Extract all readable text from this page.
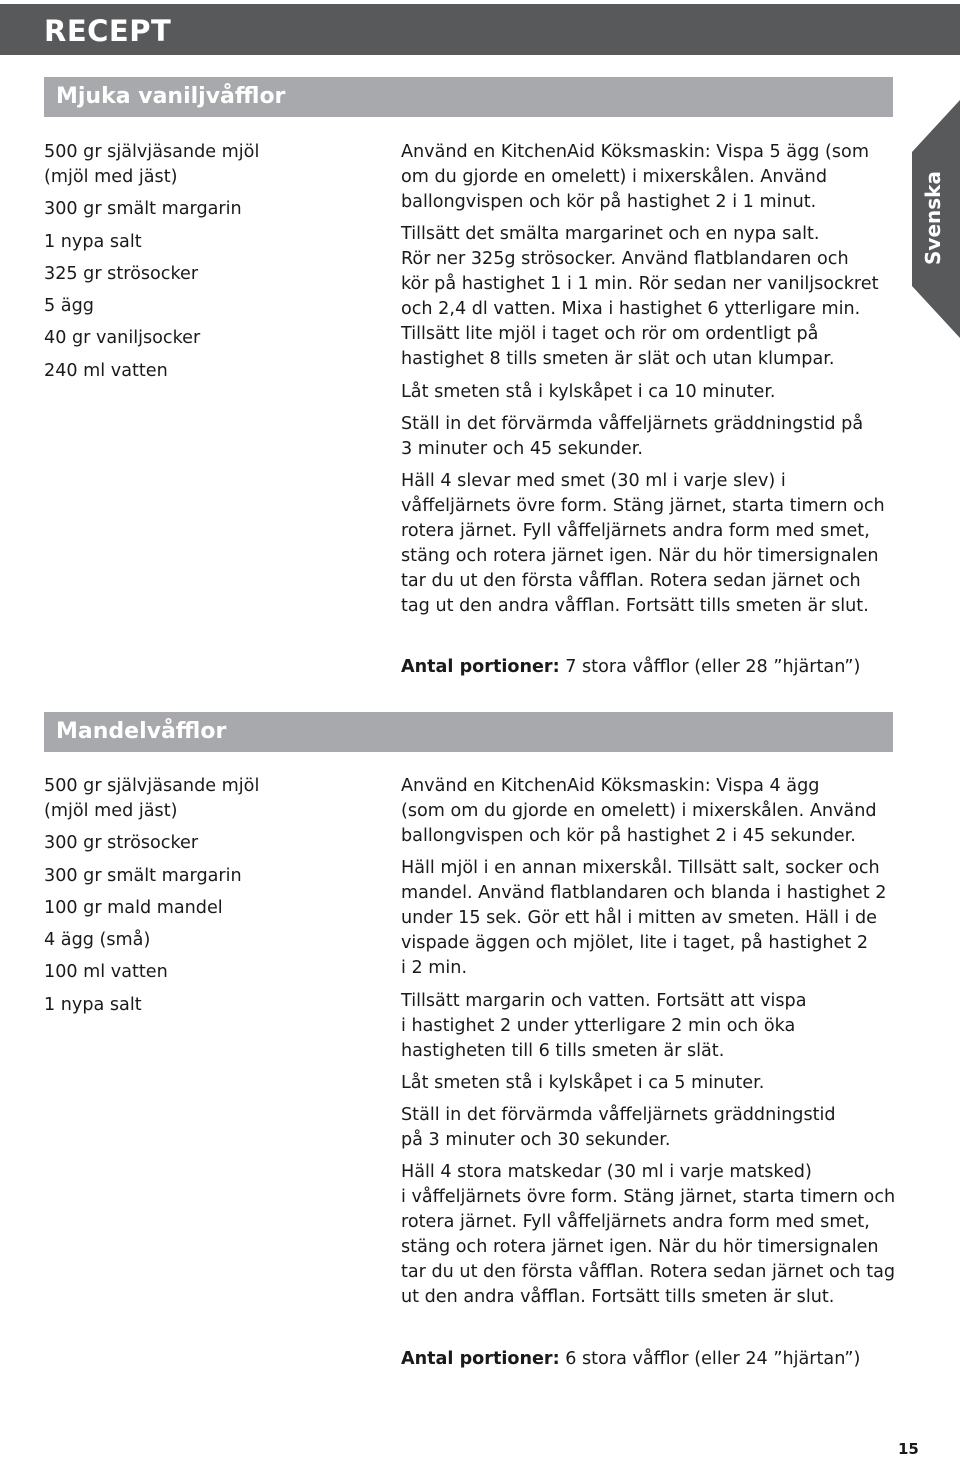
RECEPT
Svenska
Mjuka vaniljvåfflor
500 gr självjäsande mjöl
(mjöl med jäst)
300 gr smält margarin
1 nypa salt
325 gr strösocker
5 ägg
40 gr vaniljsocker
240 ml vatten

Använd en KitchenAid Köksmaskin: Vispa 5 ägg (som
om du gjorde en omelett) i mixerskålen. Använd
ballongvispen och kör på hastighet 2 i 1 minut.

Tillsätt det smälta margarinet och en nypa salt.
Rör ner 325g strösocker. Använd flatblandaren och
kör på hastighet 1 i 1 min. Rör sedan ner vaniljsockret
och 2,4 dl vatten. Mixa i hastighet 6 ytterligare min.
Tillsätt lite mjöl i taget och rör om ordentligt på
hastighet 8 tills smeten är slät och utan klumpar.

Låt smeten stå i kylskåpet i ca 10 minuter.

Ställ in det förvärmda våffeljärnets gräddningstid på
3 minuter och 45 sekunder.

Häll 4 slevar med smet (30 ml i varje slev) i
våffeljärnets övre form. Stäng järnet, starta timern och
rotera järnet. Fyll våffeljärnets andra form med smet,
stäng och rotera järnet igen. När du hör timersignalen
tar du ut den första våfflan. Rotera sedan järnet och
tag ut den andra våfflan. Fortsätt tills smeten är slut.

Antal portioner: 7 stora våfflor (eller 28 ”hjärtan”)
Mandelvåfflor
500 gr självjäsande mjöl
(mjöl med jäst)
300 gr strösocker
300 gr smält margarin
100 gr mald mandel
4 ägg (små)
100 ml vatten
1 nypa salt

Använd en KitchenAid Köksmaskin: Vispa 4 ägg
(som om du gjorde en omelett) i mixerskålen. Använd
ballongvispen och kör på hastighet 2 i 45 sekunder.

Häll mjöl i en annan mixerskål. Tillsätt salt, socker och
mandel. Använd flatblandaren och blanda i hastighet 2
under 15 sek. Gör ett hål i mitten av smeten. Häll i de
vispade äggen och mjölet, lite i taget, på hastighet 2
i 2 min.

Tillsätt margarin och vatten. Fortsätt att vispa
i hastighet 2 under ytterligare 2 min och öka
hastigheten till 6 tills smeten är slät.

Låt smeten stå i kylskåpet i ca 5 minuter.

Ställ in det förvärmda våffeljärnets gräddningstid
på 3 minuter och 30 sekunder.

Häll 4 stora matskedar (30 ml i varje matsked)
i våffeljärnets övre form. Stäng järnet, starta timern och
rotera järnet. Fyll våffeljärnets andra form med smet,
stäng och rotera järnet igen. När du hör timersignalen
tar du ut den första våfflan. Rotera sedan järnet och tag
ut den andra våfflan. Fortsätt tills smeten är slut.

Antal portioner: 6 stora våfflor (eller 24 ”hjärtan”)
15
